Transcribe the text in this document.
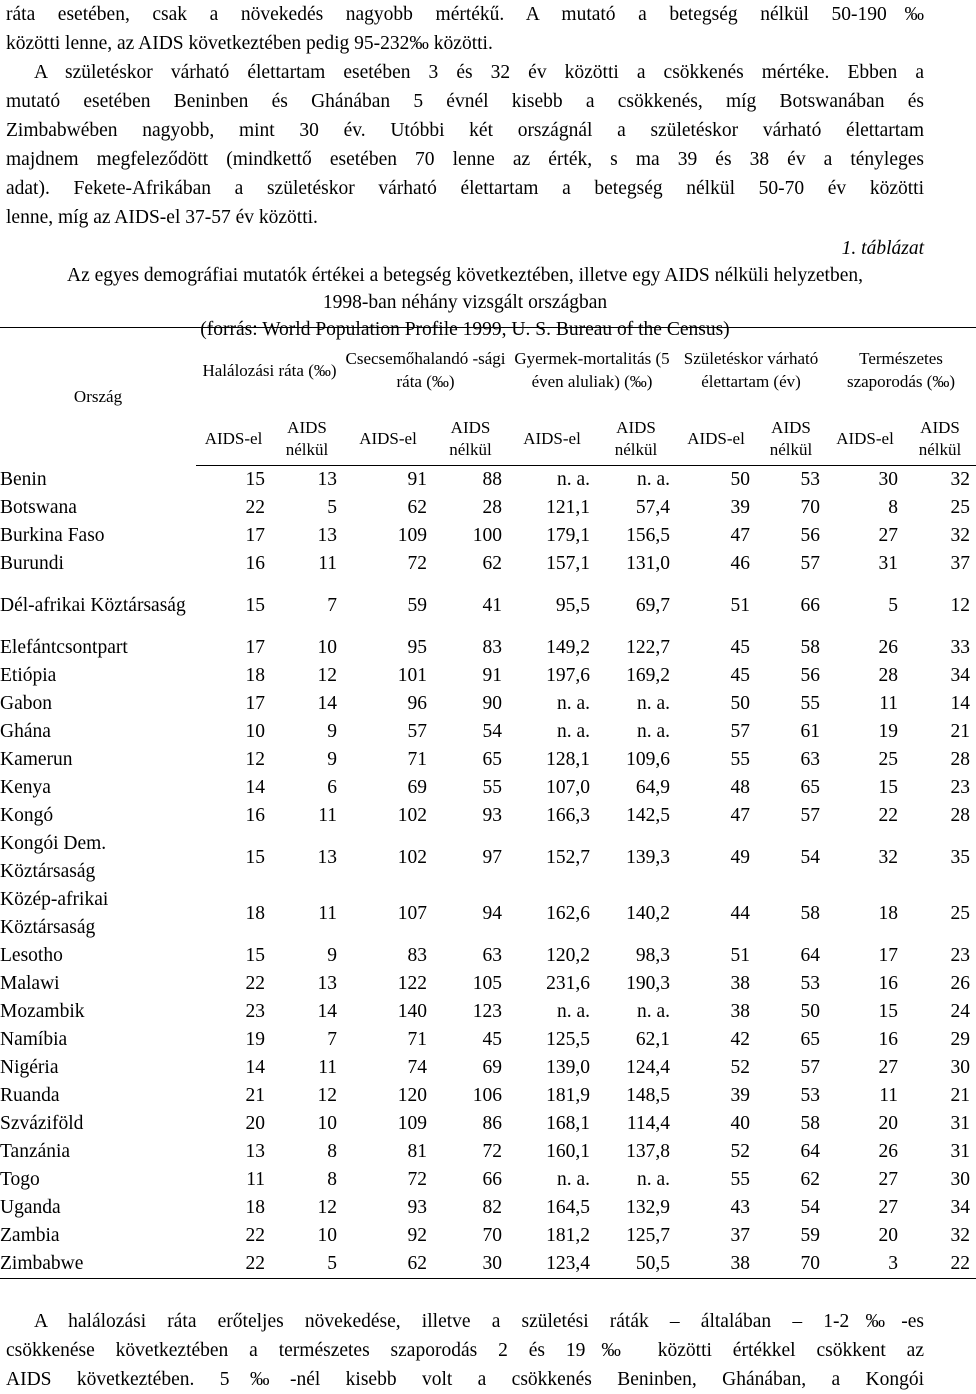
ráta esetében, csak a növekedés nagyobb mértékű. A mutató a betegség nélkül 50-190‰
közötti lenne, az AIDS következtében pedig 95-232‰ közötti.
A születéskor várható élettartam esetében 3 és 32 év közötti a csökkenés mértéke. Ebben a
mutató esetében Beninben és Ghánában 5 évnél kisebb a csökkenés, míg Botswanában és
Zimbabwében nagyobb, mint 30 év. Utóbbi két országnál a születéskor várható élettartam
majdnem megfeleződött (mindkettő esetében 70 lenne az érték, s ma 39 és 38 év a tényleges
adat). Fekete-Afrikában a születéskor várható élettartam a betegség nélkül 50-70 év közötti
lenne, míg az AIDS-el 37-57 év közötti.
1. táblázat
Az egyes demográfiai mutatók értékei a betegség következtében, illetve egy AIDS nélküli helyzetben,
1998-ban néhány vizsgált országban
(forrás: World Population Profile 1999, U. S. Bureau of the Census)
Ország	Halálozási ráta (‰)		Csecsemőhalandó -sági ráta (‰)		Gyermek-mortalitás (5 éven aluliak) (‰)		Születéskor várható élettartam (év)		Természetes szaporodás (‰)	
	AIDS-el	AIDS nélkül	AIDS-el	AIDS nélkül	AIDS-el	AIDS nélkül	AIDS-el	AIDS nélkül	AIDS-el	AIDS nélkül
Benin	15	13	91	88	n. a.	n. a.	50	53	30	32
Botswana	22	5	62	28	121,1	57,4	39	70	8	25
Burkina Faso	17	13	109	100	179,1	156,5	47	56	27	32
Burundi	16	11	72	62	157,1	131,0	46	57	31	37
Dél-afrikai Köztársaság	15	7	59	41	95,5	69,7	51	66	5	12
Elefántcsontpart	17	10	95	83	149,2	122,7	45	58	26	33
Etiópia	18	12	101	91	197,6	169,2	45	56	28	34
Gabon	17	14	96	90	n. a.	n. a.	50	55	11	14
Ghána	10	9	57	54	n. a.	n. a.	57	61	19	21
Kamerun	12	9	71	65	128,1	109,6	55	63	25	28
Kenya	14	6	69	55	107,0	64,9	48	65	15	23
Kongó	16	11	102	93	166,3	142,5	47	57	22	28
Kongói Dem. Köztársaság	15	13	102	97	152,7	139,3	49	54	32	35
Közép-afrikai Köztársaság	18	11	107	94	162,6	140,2	44	58	18	25
Lesotho	15	9	83	63	120,2	98,3	51	64	17	23
Malawi	22	13	122	105	231,6	190,3	38	53	16	26
Mozambik	23	14	140	123	n. a.	n. a.	38	50	15	24
Namíbia	19	7	71	45	125,5	62,1	42	65	16	29
Nigéria	14	11	74	69	139,0	124,4	52	57	27	30
Ruanda	21	12	120	106	181,9	148,5	39	53	11	21
Szváziföld	20	10	109	86	168,1	114,4	40	58	20	31
Tanzánia	13	8	81	72	160,1	137,8	52	64	26	31
Togo	11	8	72	66	n. a.	n. a.	55	62	27	30
Uganda	18	12	93	82	164,5	132,9	43	54	27	34
Zambia	22	10	92	70	181,2	125,7	37	59	20	32
Zimbabwe	22	5	62	30	123,4	50,5	38	70	3	22
A halálozási ráta erőteljes növekedése, illetve a születési ráták – általában – 1-2‰-es
csökkenése következtében a természetes szaporodás 2 és 19‰ közötti értékkel csökkent az
AIDS következtében. 5‰-nél kisebb volt a csökkenés Beninben, Ghánában, a Kongói
